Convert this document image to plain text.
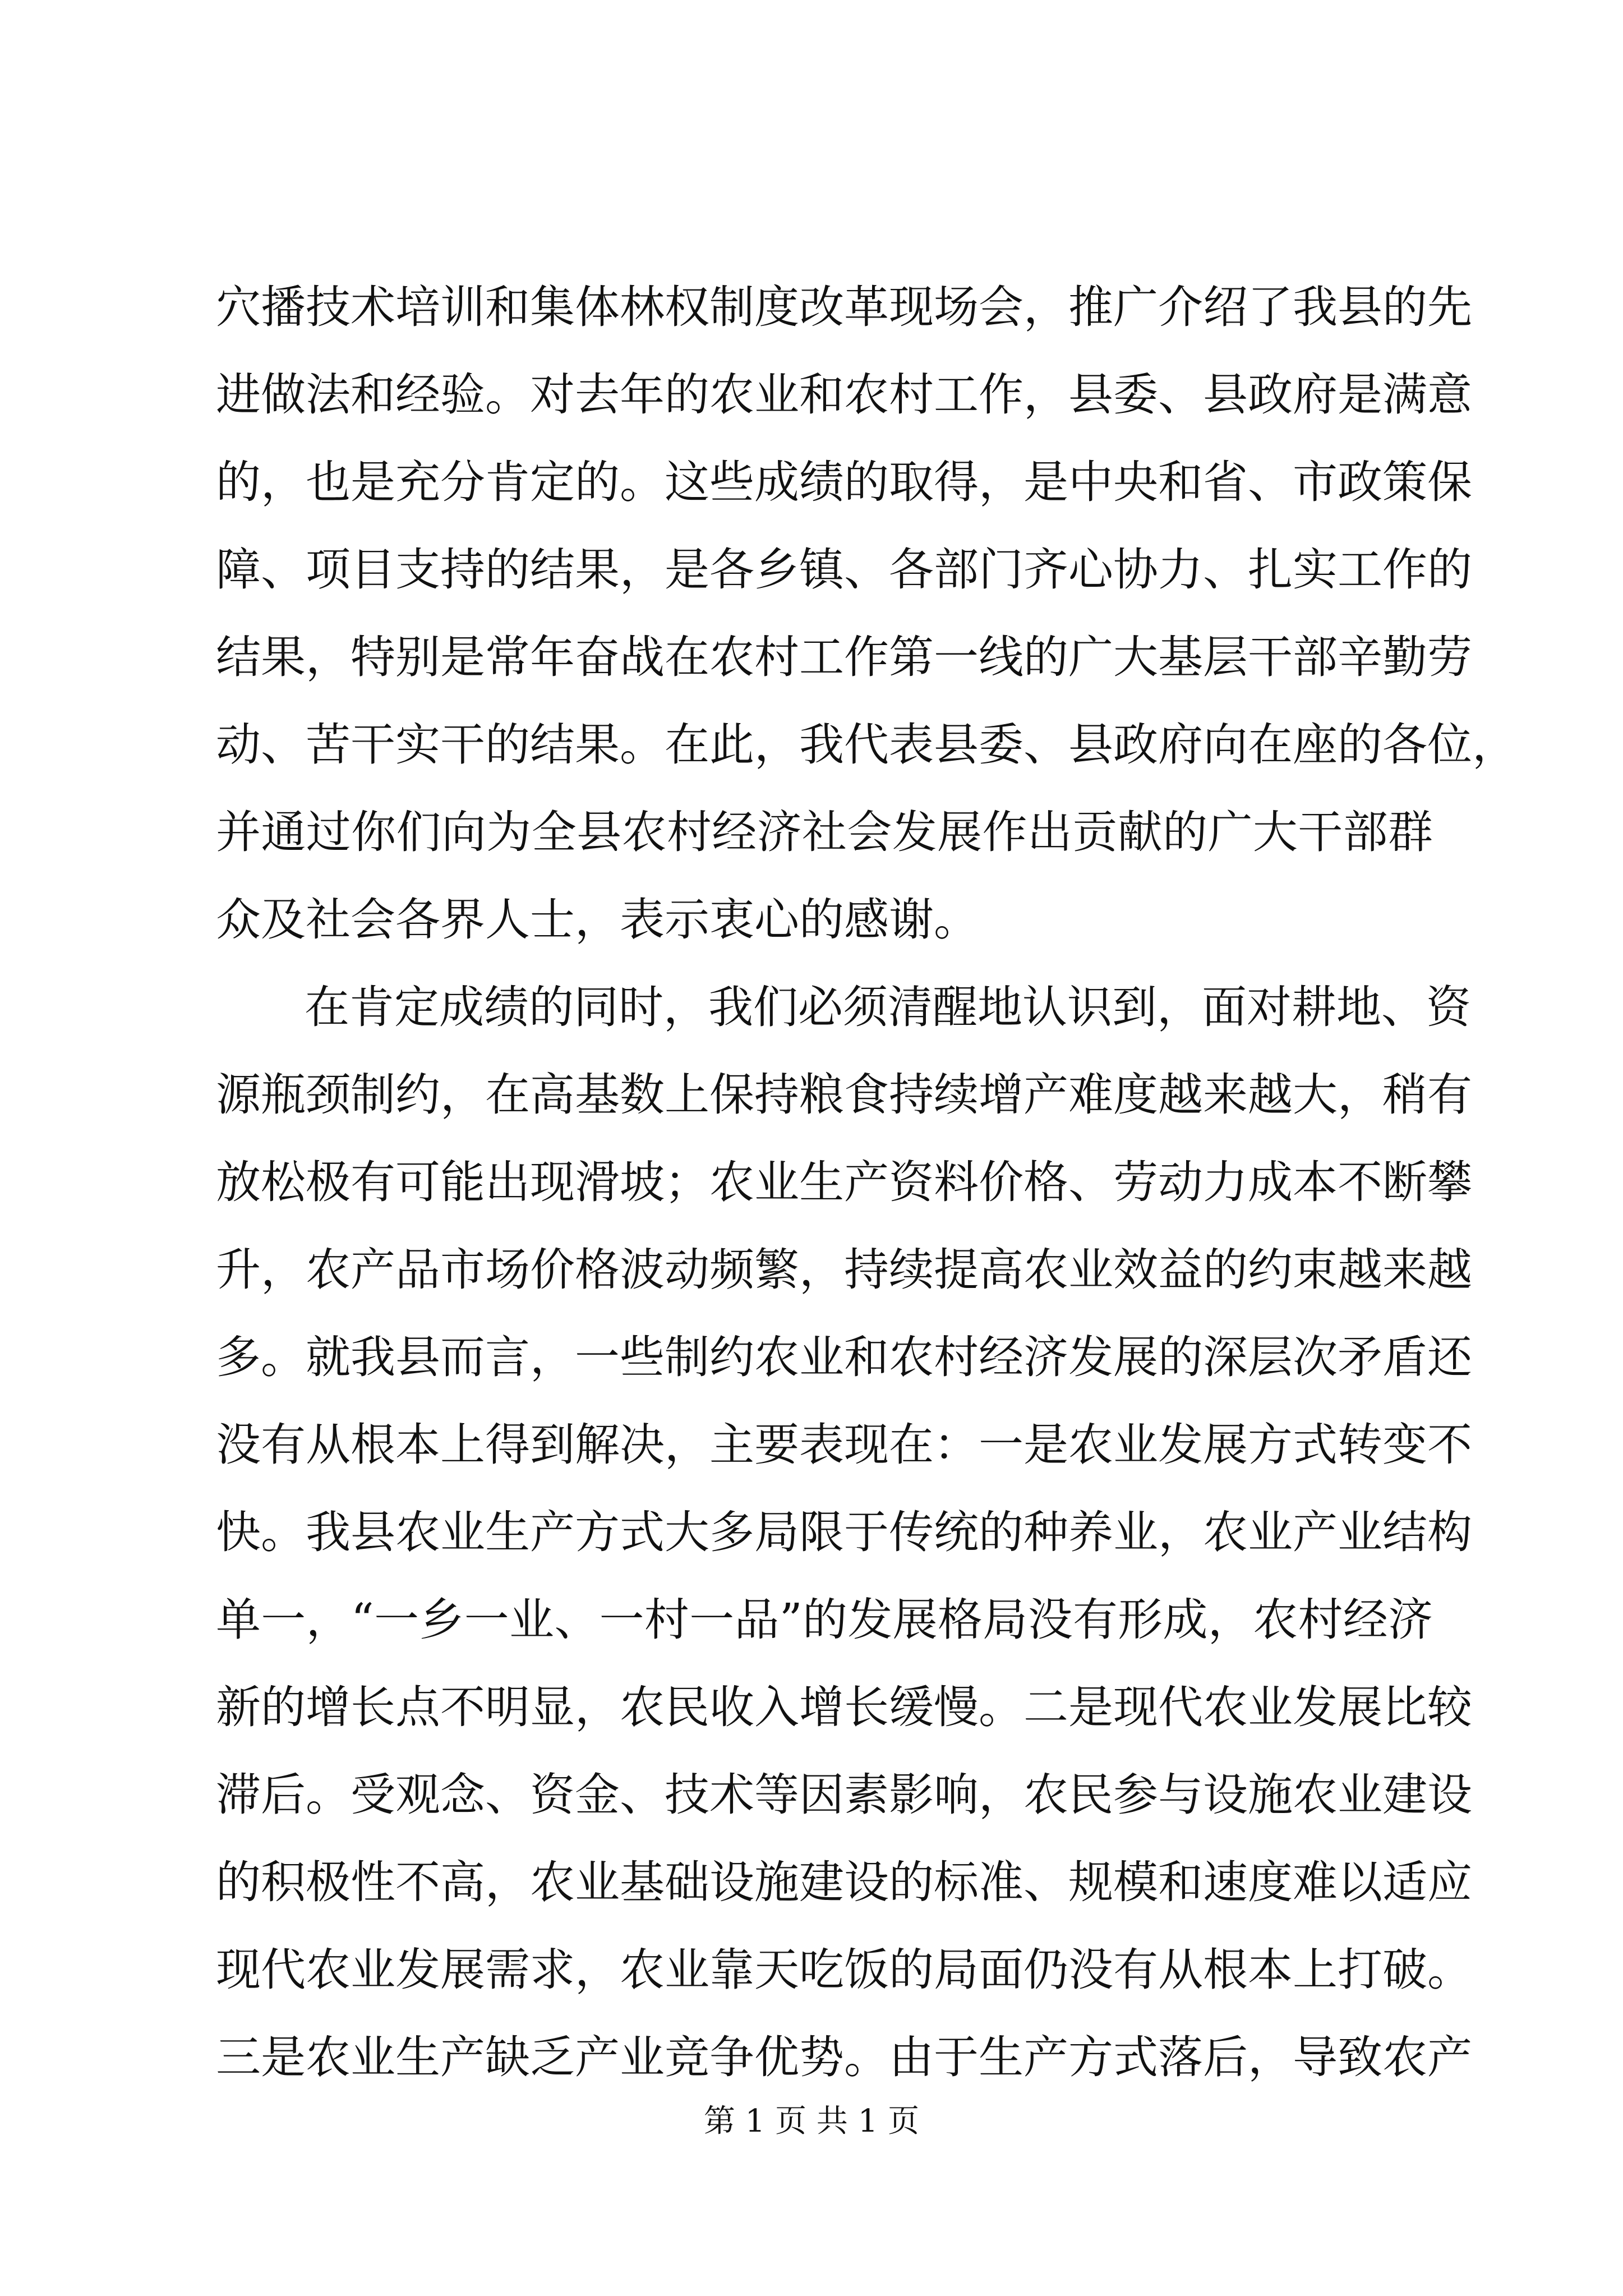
穴播技术培训和集体林权制度改革现场会，推广介绍了我县的先
进做法和经验。对去年的农业和农村工作，县委、县政府是满意
的，也是充分肯定的。这些成绩的取得，是中央和省、市政策保
障、项目支持的结果，是各乡镇、各部门齐心协力、扎实工作的
结果，特别是常年奋战在农村工作第一线的广大基层干部辛勤劳
动、苦干实干的结果。在此，我代表县委、县政府向在座的各位，
并通过你们向为全县农村经济社会发展作出贡献的广大干部群
众及社会各界人士，表示衷心的感谢。
在肯定成绩的同时，我们必须清醒地认识到，面对耕地、资
源瓶颈制约，在高基数上保持粮食持续增产难度越来越大，稍有
放松极有可能出现滑坡；农业生产资料价格、劳动力成本不断攀
升，农产品市场价格波动频繁，持续提高农业效益的约束越来越
多。就我县而言，一些制约农业和农村经济发展的深层次矛盾还
没有从根本上得到解决，主要表现在：一是农业发展方式转变不
快。我县农业生产方式大多局限于传统的种养业，农业产业结构
单一，“一乡一业、一村一品”的发展格局没有形成，农村经济
新的增长点不明显，农民收入增长缓慢。二是现代农业发展比较
滞后。受观念、资金、技术等因素影响，农民参与设施农业建设
的积极性不高，农业基础设施建设的标准、规模和速度难以适应
现代农业发展需求，农业靠天吃饭的局面仍没有从根本上打破。
三是农业生产缺乏产业竞争优势。由于生产方式落后，导致农产
第 1 页 共 1 页
